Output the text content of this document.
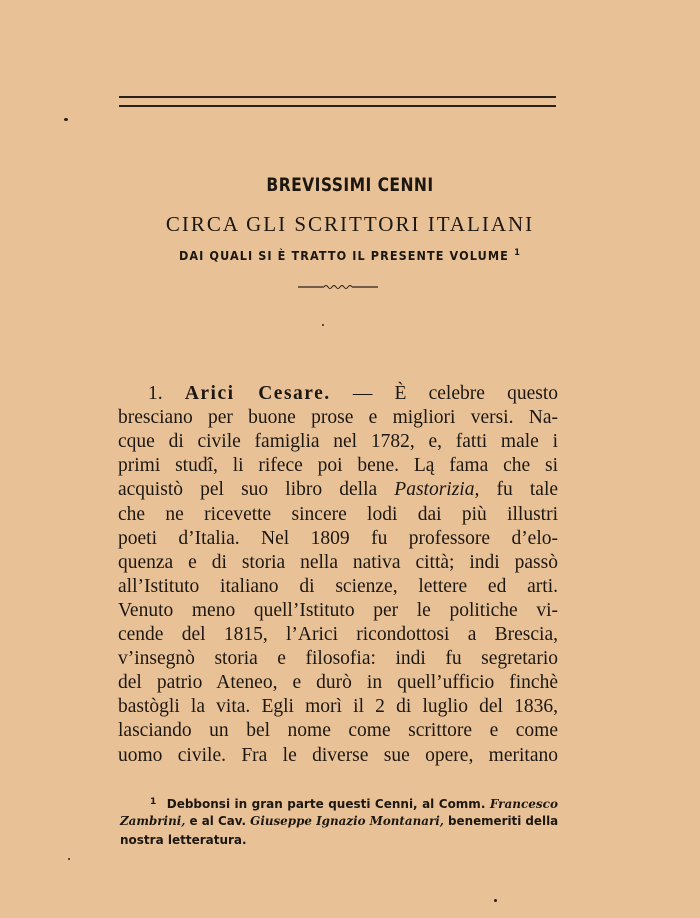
BREVISSIMI CENNI
CIRCA GLI SCRITTORI ITALIANI
DAI QUALI SI È TRATTO IL PRESENTE VOLUME $^1$
1. Arici Cesare. — È celebre questo
bresciano per buone prose e migliori versi. Na-
cque di civile famiglia nel 1782, e, fatti male i
primi studî, li rifece poi bene. Lą fama che si
acquistò pel suo libro della Pastorizia, fu tale
che ne ricevette sincere lodi dai più illustri
poeti d’Italia. Nel 1809 fu professore d’elo-
quenza e di storia nella nativa città; indi passò
all’Istituto italiano di scienze, lettere ed arti.
Venuto meno quell’Istituto per le politiche vi-
cende del 1815, l’Arici ricondottosi a Brescia,
v’insegnò storia e filosofia: indi fu segretario
del patrio Ateneo, e durò in quell’ufficio finchè
bastògli la vita. Egli morì il 2 di luglio del 1836,
lasciando un bel nome come scrittore e come
uomo civile. Fra le diverse sue opere, meritano
$^1$ Debbonsi in gran parte questi Cenni, al Comm. Francesco
Zambrini, e al Cav. Giuseppe Ignazio Montanari, benemeriti della
nostra letteratura.
